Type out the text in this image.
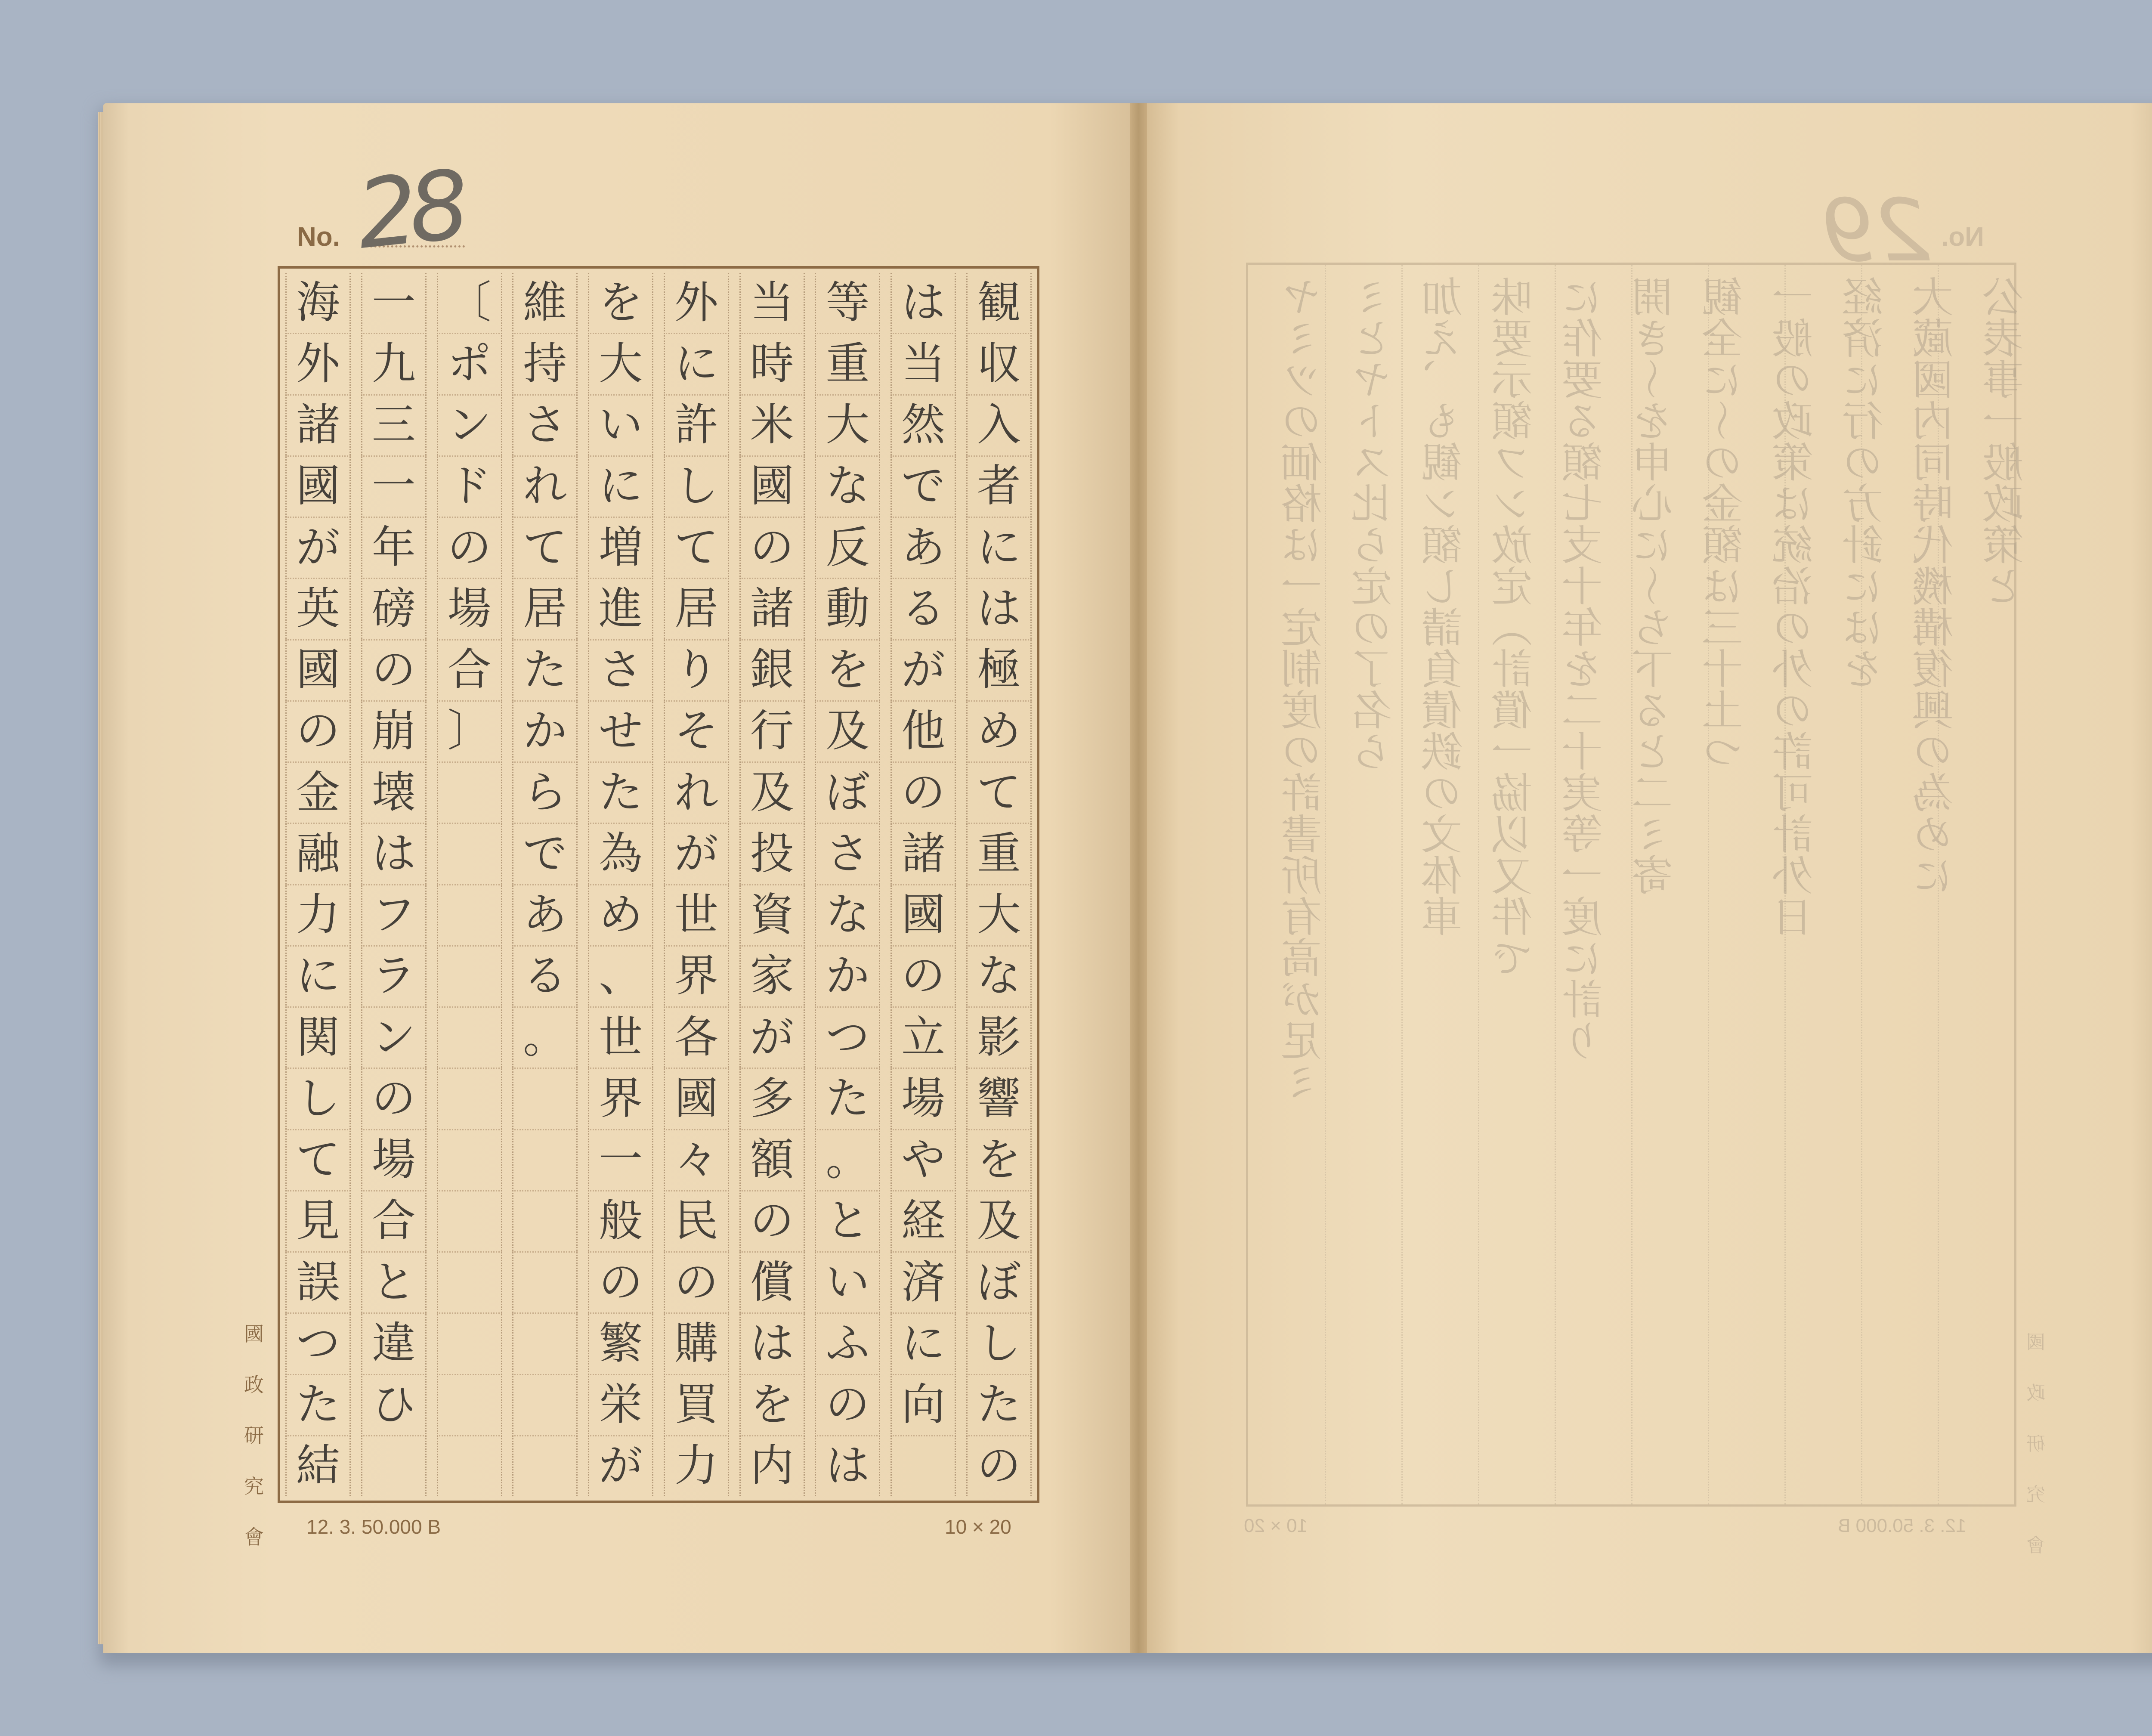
No. 28
観
収
入
者
に
は
極
め
て
重
大
な
影
響
を
及
ぼ
し
た
の
は
当
然
で
あ
る
が
他
の
諸
國
の
立
場
や
経
済
に
向
等
重
大
な
反
動
を
及
ぼ
さ
な
か
つ
た
。
と
い
ふ
の
は
当
時
米
國
の
諸
銀
行
及
投
資
家
が
多
額
の
償
は
を
内
外
に
許
し
て
居
り
そ
れ
が
世
界
各
國
々
民
の
購
買
力
を
大
い
に
増
進
さ
せ
た
為
め
、
世
界
一
般
の
繁
栄
が
維
持
さ
れ
て
居
た
か
ら
で
あ
る
。
〔
ポ
ン
ド
の
場
合
〕
一
九
三
一
年
磅
の
崩
壊
は
フ
ラ
ン
の
場
合
と
違
ひ
海
外
諸
國
が
英
國
の
金
融
力
に
関
し
て
見
誤
つ
た
結
國
政
研
究
會 12. 3. 50.000 B	10 × 20
No.
29
ヤミツの価格は一定制度の許書所有高が足ミ
ミとヤトス比ら定の了名ら
加え、も観ン額し請負債鉄の文体車
味要示額フン放定（計償一協以又件で
に作要る額七支十年を二十実等一度に計り
開き〜を申心に〜ち下ると二ミ寄
観全に〜の金額は三十土つ
一般の政策は統治の外の許可計外日
経済に行の方針にはを
大蔵國内同時代機構復興の為めに
公表事一般政策と
國
政
研
究
會
10 × 20	12. 3. 50.000 B
